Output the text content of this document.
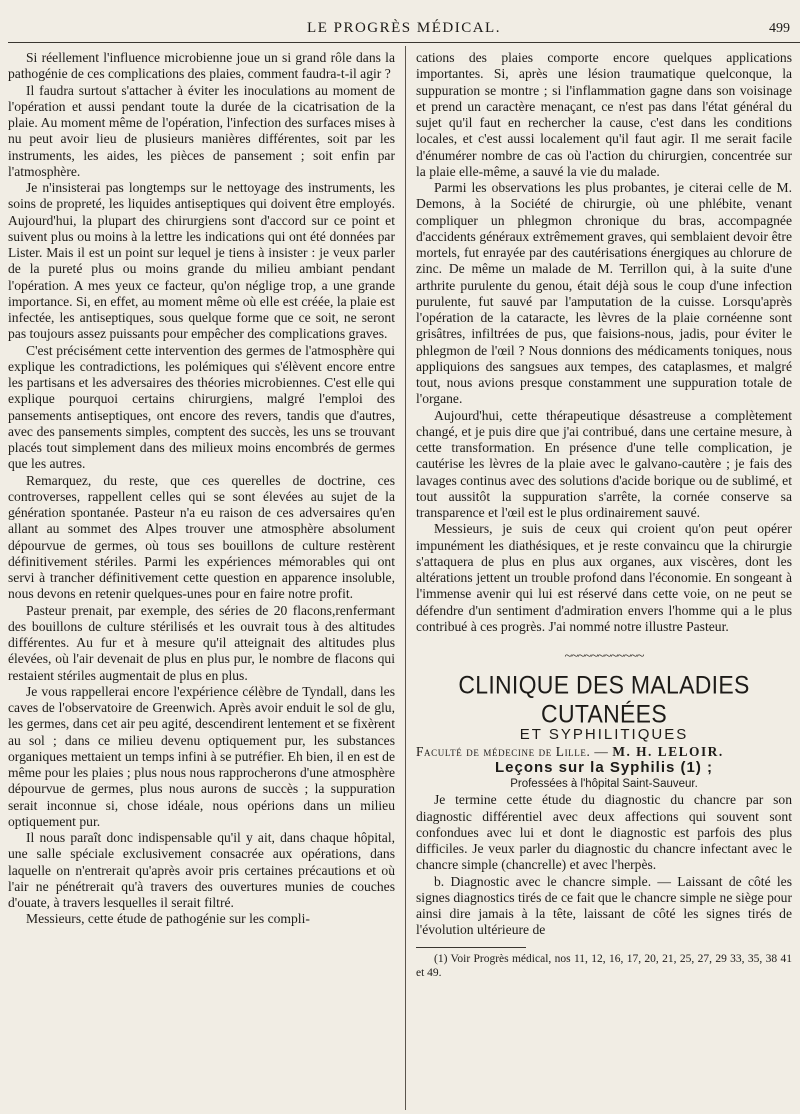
LE PROGRÈS MÉDICAL.	499

Si réellement l'influence microbienne joue un si grand rôle dans la pathogénie de ces complications des plaies, comment faudra-t-il agir ?

Il faudra surtout s'attacher à éviter les inoculations au moment de l'opération et aussi pendant toute la durée de la cicatrisation de la plaie. Au moment même de l'opération, l'infection des surfaces mises à nu peut avoir lieu de plusieurs manières différentes, soit par les instruments, les aides, les pièces de pansement ; soit enfin par l'atmosphère.

Je n'insisterai pas longtemps sur le nettoyage des instruments, les soins de propreté, les liquides antiseptiques qui doivent être employés. Aujourd'hui, la plupart des chirurgiens sont d'accord sur ce point et suivent plus ou moins à la lettre les indications qui ont été données par Lister. Mais il est un point sur lequel je tiens à insister : je veux parler de la pureté plus ou moins grande du milieu ambiant pendant l'opération. A mes yeux ce facteur, qu'on néglige trop, a une grande importance. Si, en effet, au moment même où elle est créée, la plaie est infectée, les antiseptiques, sous quelque forme que ce soit, ne seront pas toujours assez puissants pour empêcher des complications graves.

C'est précisément cette intervention des germes de l'atmosphère qui explique les contradictions, les polémiques qui s'élèvent encore entre les partisans et les adversaires des théories microbiennes. C'est elle qui explique pourquoi certains chirurgiens, malgré l'emploi des pansements antiseptiques, ont encore des revers, tandis que d'autres, avec des pansements simples, comptent des succès, les uns se trouvant placés tout simplement dans des milieux moins encombrés de germes que les autres.

Remarquez, du reste, que ces querelles de doctrine, ces controverses, rappellent celles qui se sont élevées au sujet de la génération spontanée. Pasteur n'a eu raison de ces adversaires qu'en allant au sommet des Alpes trouver une atmosphère absolument dépourvue de germes, où tous ses bouillons de culture restèrent définitivement stériles. Parmi les expériences mémorables qui ont servi à trancher définitivement cette question en apparence insoluble, nous devons en retenir quelques-unes pour en faire notre profit.

Pasteur prenait, par exemple, des séries de 20 flacons,renfermant des bouillons de culture stérilisés et les ouvrait tous à des altitudes différentes. Au fur et à mesure qu'il atteignait des altitudes plus élevées, où l'air devenait de plus en plus pur, le nombre de flacons qui restaient stériles augmentait de plus en plus.

Je vous rappellerai encore l'expérience célèbre de Tyndall, dans les caves de l'observatoire de Greenwich. Après avoir enduit le sol de glu, les germes, dans cet air peu agité, descendirent lentement et se fixèrent au sol ; dans ce milieu devenu optiquement pur, les substances organiques mettaient un temps infini à se putréfier. Eh bien, il en est de même pour les plaies ; plus nous nous rapprocherons d'une atmosphère dépourvue de germes, plus nous aurons de succès ; la suppuration serait inconnue si, chose idéale, nous opérions dans un milieu optiquement pur.

Il nous paraît donc indispensable qu'il y ait, dans chaque hôpital, une salle spéciale exclusivement consacrée aux opérations, dans laquelle on n'entrerait qu'après avoir pris certaines précautions et où l'air ne pénétrerait qu'à travers des ouvertures munies de couches d'ouate, à travers lesquelles il serait filtré.

Messieurs, cette étude de pathogénie sur les compli-

cations des plaies comporte encore quelques applications importantes. Si, après une lésion traumatique quelconque, la suppuration se montre ; si l'inflammation gagne dans son voisinage et prend un caractère menaçant, ce n'est pas dans l'état général du sujet qu'il faut en rechercher la cause, c'est dans les conditions locales, et c'est aussi localement qu'il faut agir. Il me serait facile d'énumérer nombre de cas où l'action du chirurgien, concentrée sur la plaie elle-même, a sauvé la vie du malade.

Parmi les observations les plus probantes, je citerai celle de M. Demons, à la Société de chirurgie, où une phlébite, venant compliquer un phlegmon chronique du bras, accompagnée d'accidents généraux extrêmement graves, qui semblaient devoir être mortels, fut enrayée par des cautérisations énergiques au chlorure de zinc. De même un malade de M. Terrillon qui, à la suite d'une arthrite purulente du genou, était déjà sous le coup d'une infection purulente, fut sauvé par l'amputation de la cuisse. Lorsqu'après l'opération de la cataracte, les lèvres de la plaie cornéenne sont grisâtres, infiltrées de pus, que faisions-nous, jadis, pour éviter le phlegmon de l'œil ? Nous donnions des médicaments toniques, nous appliquions des sangsues aux tempes, des cataplasmes, et malgré tout, nous avions presque constamment une suppuration totale de l'organe.

Aujourd'hui, cette thérapeutique désastreuse a complètement changé, et je puis dire que j'ai contribué, dans une certaine mesure, à cette transformation. En présence d'une telle complication, je cautérise les lèvres de la plaie avec le galvano-cautère ; je fais des lavages continus avec des solutions d'acide borique ou de sublimé, et tout aussitôt la suppuration s'arrête, la cornée conserve sa transparence et l'œil est le plus ordinairement sauvé.

Messieurs, je suis de ceux qui croient qu'on peut opérer impunément les diathésiques, et je reste convaincu que la chirurgie s'attaquera de plus en plus aux organes, aux viscères, dont les altérations jettent un trouble profond dans l'économie. En songeant à l'immense avenir qui lui est réservé dans cette voie, on ne peut se défendre d'un sentiment d'admiration envers l'homme qui a le plus contribué à ces progrès. J'ai nommé notre illustre Pasteur.

~~~~~~~~~~~~

CLINIQUE DES MALADIES CUTANÉES

ET SYPHILITIQUES

Faculté de médecine de Lille. — M. H. LELOIR.

Leçons sur la Syphilis (1) ;

Professées à l'hôpital Saint-Sauveur.

Je termine cette étude du diagnostic du chancre par son diagnostic différentiel avec deux affections qui souvent sont confondues avec lui et dont le diagnostic est parfois des plus difficiles. Je veux parler du diagnostic du chancre infectant avec le chancre simple (chancrelle) et avec l'herpès.

b. Diagnostic avec le chancre simple. — Laissant de côté les signes diagnostics tirés de ce fait que le chancre simple ne siège pour ainsi dire jamais à la tête, laissant de côté les signes tirés de l'évolution ultérieure de

(1) Voir Progrès médical, nos 11, 12, 16, 17, 20, 21, 25, 27, 29 33, 35, 38 41 et 49.
